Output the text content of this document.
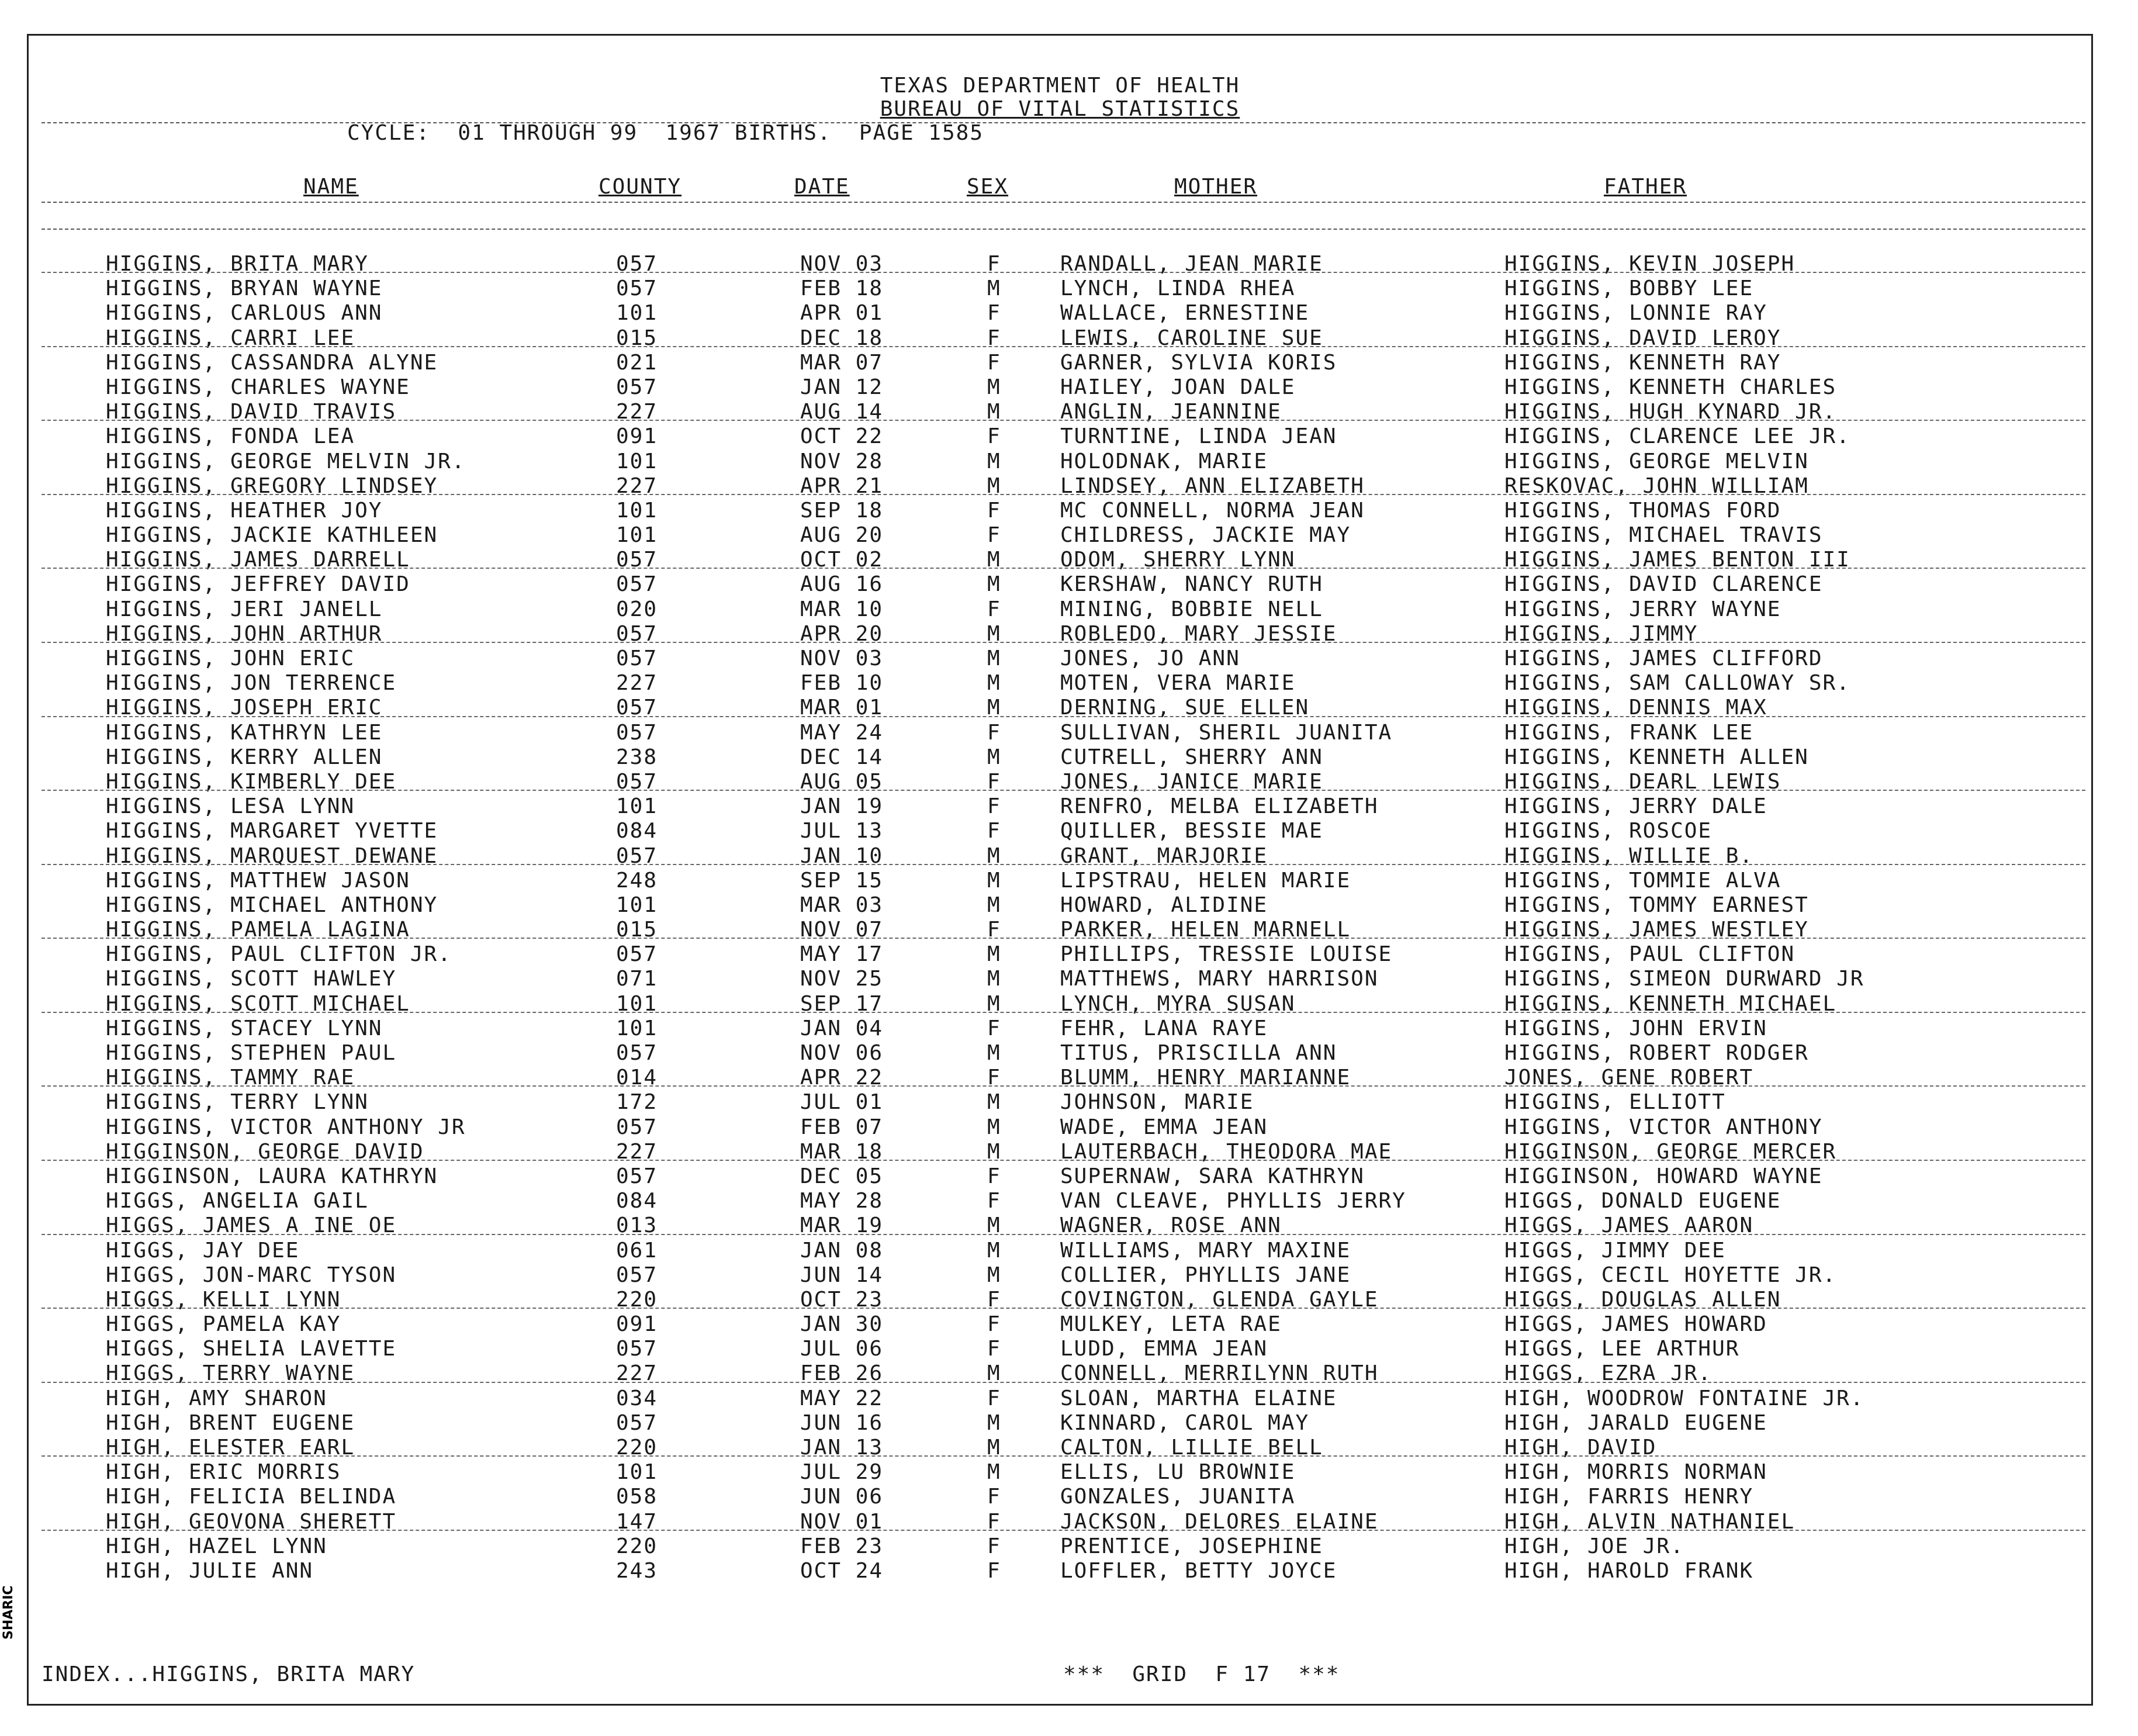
TEXAS DEPARTMENT OF HEALTH
BUREAU OF VITAL STATISTICS
CYCLE:  01 THROUGH 99  1967 BIRTHS.  PAGE 1585
NAME	COUNTY	DATE	SEX	MOTHER	FATHER
HIGGINS, BRITA MARY	057	NOV 03	F	RANDALL, JEAN MARIE	HIGGINS, KEVIN JOSEPH
HIGGINS, BRYAN WAYNE	057	FEB 18	M	LYNCH, LINDA RHEA	HIGGINS, BOBBY LEE
HIGGINS, CARLOUS ANN	101	APR 01	F	WALLACE, ERNESTINE	HIGGINS, LONNIE RAY
HIGGINS, CARRI LEE	015	DEC 18	F	LEWIS, CAROLINE SUE	HIGGINS, DAVID LEROY
HIGGINS, CASSANDRA ALYNE	021	MAR 07	F	GARNER, SYLVIA KORIS	HIGGINS, KENNETH RAY
HIGGINS, CHARLES WAYNE	057	JAN 12	M	HAILEY, JOAN DALE	HIGGINS, KENNETH CHARLES
HIGGINS, DAVID TRAVIS	227	AUG 14	M	ANGLIN, JEANNINE	HIGGINS, HUGH KYNARD JR.
HIGGINS, FONDA LEA	091	OCT 22	F	TURNTINE, LINDA JEAN	HIGGINS, CLARENCE LEE JR.
HIGGINS, GEORGE MELVIN JR.	101	NOV 28	M	HOLODNAK, MARIE	HIGGINS, GEORGE MELVIN
HIGGINS, GREGORY LINDSEY	227	APR 21	M	LINDSEY, ANN ELIZABETH	RESKOVAC, JOHN WILLIAM
HIGGINS, HEATHER JOY	101	SEP 18	F	MC CONNELL, NORMA JEAN	HIGGINS, THOMAS FORD
HIGGINS, JACKIE KATHLEEN	101	AUG 20	F	CHILDRESS, JACKIE MAY	HIGGINS, MICHAEL TRAVIS
HIGGINS, JAMES DARRELL	057	OCT 02	M	ODOM, SHERRY LYNN	HIGGINS, JAMES BENTON III
HIGGINS, JEFFREY DAVID	057	AUG 16	M	KERSHAW, NANCY RUTH	HIGGINS, DAVID CLARENCE
HIGGINS, JERI JANELL	020	MAR 10	F	MINING, BOBBIE NELL	HIGGINS, JERRY WAYNE
HIGGINS, JOHN ARTHUR	057	APR 20	M	ROBLEDO, MARY JESSIE	HIGGINS, JIMMY
HIGGINS, JOHN ERIC	057	NOV 03	M	JONES, JO ANN	HIGGINS, JAMES CLIFFORD
HIGGINS, JON TERRENCE	227	FEB 10	M	MOTEN, VERA MARIE	HIGGINS, SAM CALLOWAY SR.
HIGGINS, JOSEPH ERIC	057	MAR 01	M	DERNING, SUE ELLEN	HIGGINS, DENNIS MAX
HIGGINS, KATHRYN LEE	057	MAY 24	F	SULLIVAN, SHERIL JUANITA	HIGGINS, FRANK LEE
HIGGINS, KERRY ALLEN	238	DEC 14	M	CUTRELL, SHERRY ANN	HIGGINS, KENNETH ALLEN
HIGGINS, KIMBERLY DEE	057	AUG 05	F	JONES, JANICE MARIE	HIGGINS, DEARL LEWIS
HIGGINS, LESA LYNN	101	JAN 19	F	RENFRO, MELBA ELIZABETH	HIGGINS, JERRY DALE
HIGGINS, MARGARET YVETTE	084	JUL 13	F	QUILLER, BESSIE MAE	HIGGINS, ROSCOE
HIGGINS, MARQUEST DEWANE	057	JAN 10	M	GRANT, MARJORIE	HIGGINS, WILLIE B.
HIGGINS, MATTHEW JASON	248	SEP 15	M	LIPSTRAU, HELEN MARIE	HIGGINS, TOMMIE ALVA
HIGGINS, MICHAEL ANTHONY	101	MAR 03	M	HOWARD, ALIDINE	HIGGINS, TOMMY EARNEST
HIGGINS, PAMELA LAGINA	015	NOV 07	F	PARKER, HELEN MARNELL	HIGGINS, JAMES WESTLEY
HIGGINS, PAUL CLIFTON JR.	057	MAY 17	M	PHILLIPS, TRESSIE LOUISE	HIGGINS, PAUL CLIFTON
HIGGINS, SCOTT HAWLEY	071	NOV 25	M	MATTHEWS, MARY HARRISON	HIGGINS, SIMEON DURWARD JR
HIGGINS, SCOTT MICHAEL	101	SEP 17	M	LYNCH, MYRA SUSAN	HIGGINS, KENNETH MICHAEL
HIGGINS, STACEY LYNN	101	JAN 04	F	FEHR, LANA RAYE	HIGGINS, JOHN ERVIN
HIGGINS, STEPHEN PAUL	057	NOV 06	M	TITUS, PRISCILLA ANN	HIGGINS, ROBERT RODGER
HIGGINS, TAMMY RAE	014	APR 22	F	BLUMM, HENRY MARIANNE	JONES, GENE ROBERT
HIGGINS, TERRY LYNN	172	JUL 01	M	JOHNSON, MARIE	HIGGINS, ELLIOTT
HIGGINS, VICTOR ANTHONY JR	057	FEB 07	M	WADE, EMMA JEAN	HIGGINS, VICTOR ANTHONY
HIGGINSON, GEORGE DAVID	227	MAR 18	M	LAUTERBACH, THEODORA MAE	HIGGINSON, GEORGE MERCER
HIGGINSON, LAURA KATHRYN	057	DEC 05	F	SUPERNAW, SARA KATHRYN	HIGGINSON, HOWARD WAYNE
HIGGS, ANGELIA GAIL	084	MAY 28	F	VAN CLEAVE, PHYLLIS JERRY	HIGGS, DONALD EUGENE
HIGGS, JAMES A INE OE	013	MAR 19	M	WAGNER, ROSE ANN	HIGGS, JAMES AARON
HIGGS, JAY DEE	061	JAN 08	M	WILLIAMS, MARY MAXINE	HIGGS, JIMMY DEE
HIGGS, JON-MARC TYSON	057	JUN 14	M	COLLIER, PHYLLIS JANE	HIGGS, CECIL HOYETTE JR.
HIGGS, KELLI LYNN	220	OCT 23	F	COVINGTON, GLENDA GAYLE	HIGGS, DOUGLAS ALLEN
HIGGS, PAMELA KAY	091	JAN 30	F	MULKEY, LETA RAE	HIGGS, JAMES HOWARD
HIGGS, SHELIA LAVETTE	057	JUL 06	F	LUDD, EMMA JEAN	HIGGS, LEE ARTHUR
HIGGS, TERRY WAYNE	227	FEB 26	M	CONNELL, MERRILYNN RUTH	HIGGS, EZRA JR.
HIGH, AMY SHARON	034	MAY 22	F	SLOAN, MARTHA ELAINE	HIGH, WOODROW FONTAINE JR.
HIGH, BRENT EUGENE	057	JUN 16	M	KINNARD, CAROL MAY	HIGH, JARALD EUGENE
HIGH, ELESTER EARL	220	JAN 13	M	CALTON, LILLIE BELL	HIGH, DAVID
HIGH, ERIC MORRIS	101	JUL 29	M	ELLIS, LU BROWNIE	HIGH, MORRIS NORMAN
HIGH, FELICIA BELINDA	058	JUN 06	F	GONZALES, JUANITA	HIGH, FARRIS HENRY
HIGH, GEOVONA SHERETT	147	NOV 01	F	JACKSON, DELORES ELAINE	HIGH, ALVIN NATHANIEL
HIGH, HAZEL LYNN	220	FEB 23	F	PRENTICE, JOSEPHINE	HIGH, JOE JR.
HIGH, JULIE ANN	243	OCT 24	F	LOFFLER, BETTY JOYCE	HIGH, HAROLD FRANK
INDEX...HIGGINS, BRITA MARY	***  GRID  F 17  ***
SHARIC
